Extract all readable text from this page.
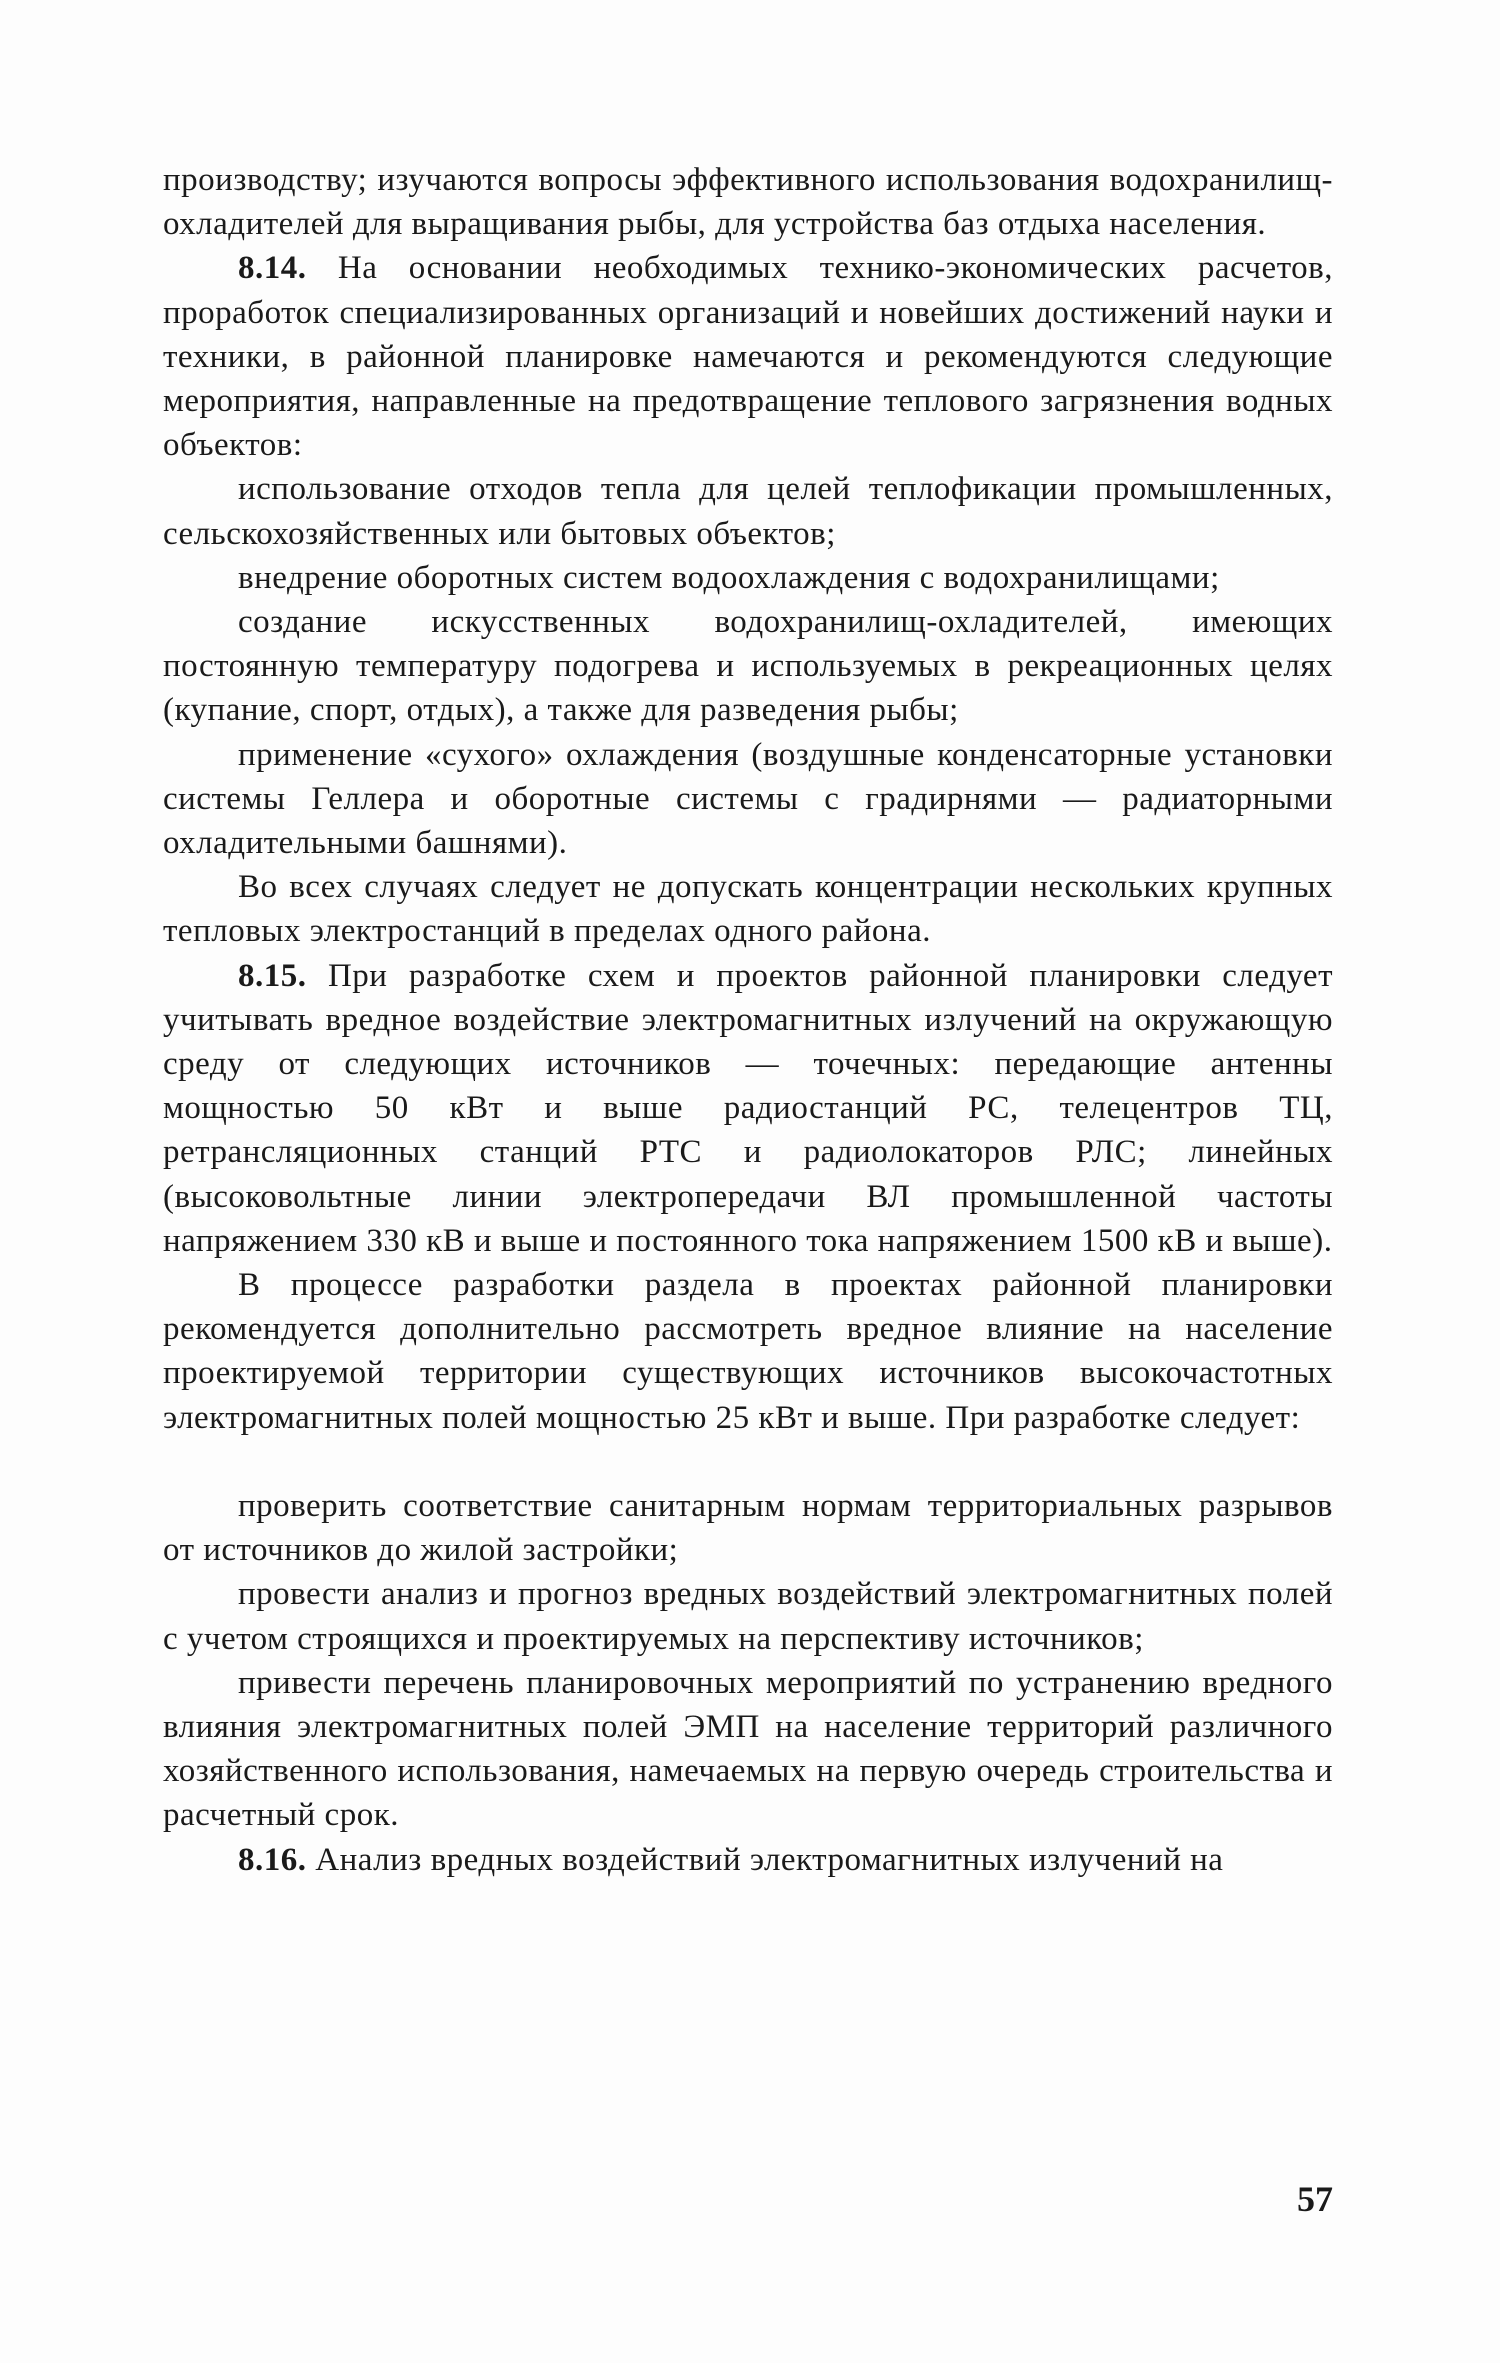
производству; изучаются вопросы эффективного использования водохранилищ-охладителей для выращивания рыбы, для устройства баз отдыха населения.

8.14. На основании необходимых технико-экономических расчетов, проработок специализированных организаций и новейших достижений науки и техники, в районной планировке намечаются и рекомендуются следующие мероприятия, направленные на предотвращение теплового загрязнения водных объектов:

использование отходов тепла для целей теплофикации промышленных, сельскохозяйственных или бытовых объектов;

внедрение оборотных систем водоохлаждения с водохранилищами;

создание искусственных водохранилищ-охладителей, имеющих постоянную температуру подогрева и используемых в рекреационных целях (купание, спорт, отдых), а также для разведения рыбы;

применение «сухого» охлаждения (воздушные конденсаторные установки системы Геллера и оборотные системы с градирнями — радиаторными охладительными башнями).

Во всех случаях следует не допускать концентрации нескольких крупных тепловых электростанций в пределах одного района.

8.15. При разработке схем и проектов районной планировки следует учитывать вредное воздействие электромагнитных излучений на окружающую среду от следующих источников — точечных: передающие антенны мощностью 50 кВт и выше радиостанций РС, телецентров ТЦ, ретрансляционных станций РТС и радиолокаторов РЛС; линейных (высоковольтные линии электропередачи ВЛ промышленной частоты напряжением 330 кВ и выше и постоянного тока напряжением 1500 кВ и выше).

В процессе разработки раздела в проектах районной планировки рекомендуется дополнительно рассмотреть вредное влияние на население проектируемой территории существующих источников высокочастотных электромагнитных полей мощностью 25 кВт и выше. При разработке следует:

проверить соответствие санитарным нормам территориальных разрывов от источников до жилой застройки;

провести анализ и прогноз вредных воздействий электромагнитных полей с учетом строящихся и проектируемых на перспективу источников;

привести перечень планировочных мероприятий по устранению вредного влияния электромагнитных полей ЭМП на население территорий различного хозяйственного использования, намечаемых на первую очередь строительства и расчетный срок.

8.16. Анализ вредных воздействий электромагнитных излучений на

57
